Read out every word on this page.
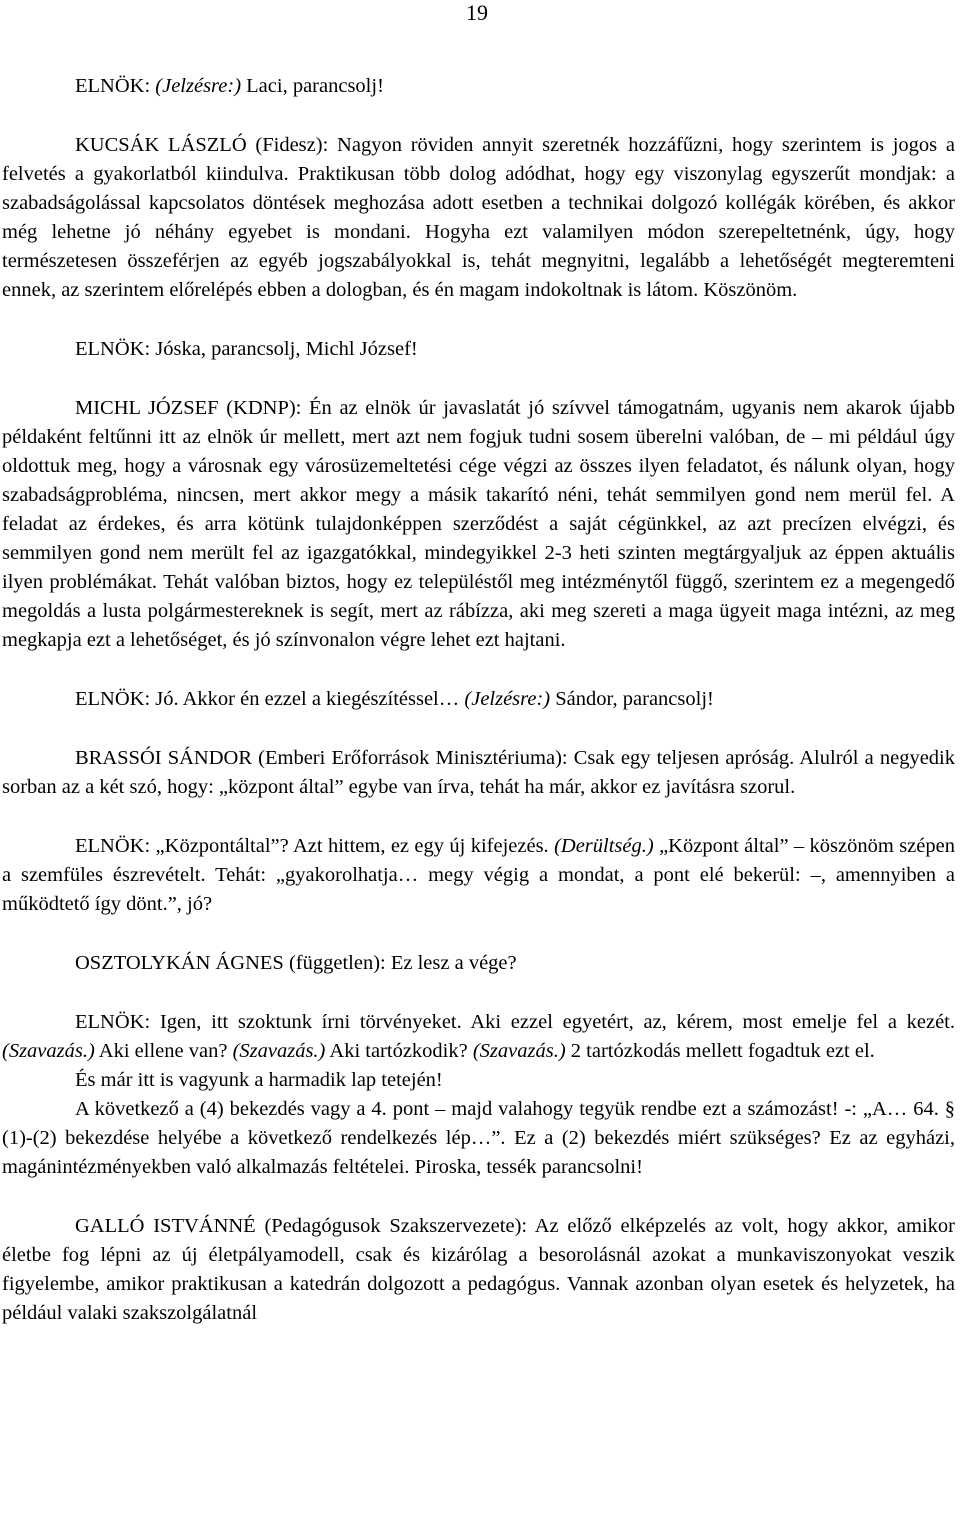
19

ELNÖK: (Jelzésre:) Laci, parancsolj!

KUCSÁK LÁSZLÓ (Fidesz): Nagyon röviden annyit szeretnék hozzáfűzni, hogy szerintem is jogos a felvetés a gyakorlatból kiindulva. Praktikusan több dolog adódhat, hogy egy viszonylag egyszerűt mondjak: a szabadságolással kapcsolatos döntések meghozása adott esetben a technikai dolgozó kollégák körében, és akkor még lehetne jó néhány egyebet is mondani. Hogyha ezt valamilyen módon szerepeltetnénk, úgy, hogy természetesen összeférjen az egyéb jogszabályokkal is, tehát megnyitni, legalább a lehetőségét megteremteni ennek, az szerintem előrelépés ebben a dologban, és én magam indokoltnak is látom. Köszönöm.

ELNÖK: Jóska, parancsolj, Michl József!

MICHL JÓZSEF (KDNP): Én az elnök úr javaslatát jó szívvel támogatnám, ugyanis nem akarok újabb példaként feltűnni itt az elnök úr mellett, mert azt nem fogjuk tudni sosem überelni valóban, de – mi például úgy oldottuk meg, hogy a városnak egy városüzemeltetési cége végzi az összes ilyen feladatot, és nálunk olyan, hogy szabadságprobléma, nincsen, mert akkor megy a másik takarító néni, tehát semmilyen gond nem merül fel. A feladat az érdekes, és arra kötünk tulajdonképpen szerződést a saját cégünkkel, az azt precízen elvégzi, és semmilyen gond nem merült fel az igazgatókkal, mindegyikkel 2-3 heti szinten megtárgyaljuk az éppen aktuális ilyen problémákat. Tehát valóban biztos, hogy ez településtől meg intézménytől függő, szerintem ez a megengedő megoldás a lusta polgármestereknek is segít, mert az rábízza, aki meg szereti a maga ügyeit maga intézni, az meg megkapja ezt a lehetőséget, és jó színvonalon végre lehet ezt hajtani.

ELNÖK: Jó. Akkor én ezzel a kiegészítéssel… (Jelzésre:) Sándor, parancsolj!

BRASSÓI SÁNDOR (Emberi Erőforrások Minisztériuma): Csak egy teljesen apróság. Alulról a negyedik sorban az a két szó, hogy: „központ által” egybe van írva, tehát ha már, akkor ez javításra szorul.

ELNÖK: „Központáltal”? Azt hittem, ez egy új kifejezés. (Derültség.) „Központ által” – köszönöm szépen a szemfüles észrevételt. Tehát: „gyakorolhatja… megy végig a mondat, a pont elé bekerül: –, amennyiben a működtető így dönt.”, jó?

OSZTOLYKÁN ÁGNES (független): Ez lesz a vége?

ELNÖK: Igen, itt szoktunk írni törvényeket. Aki ezzel egyetért, az, kérem, most emelje fel a kezét. (Szavazás.) Aki ellene van? (Szavazás.) Aki tartózkodik? (Szavazás.) 2 tartózkodás mellett fogadtuk ezt el.

És már itt is vagyunk a harmadik lap tetején!

A következő a (4) bekezdés vagy a 4. pont – majd valahogy tegyük rendbe ezt a számozást! -: „A… 64. § (1)-(2) bekezdése helyébe a következő rendelkezés lép…”. Ez a (2) bekezdés miért szükséges? Ez az egyházi, magánintézményekben való alkalmazás feltételei. Piroska, tessék parancsolni!

GALLÓ ISTVÁNNÉ (Pedagógusok Szakszervezete): Az előző elképzelés az volt, hogy akkor, amikor életbe fog lépni az új életpályamodell, csak és kizárólag a besorolásnál azokat a munkaviszonyokat veszik figyelembe, amikor praktikusan a katedrán dolgozott a pedagógus. Vannak azonban olyan esetek és helyzetek, ha például valaki szakszolgálatnál
